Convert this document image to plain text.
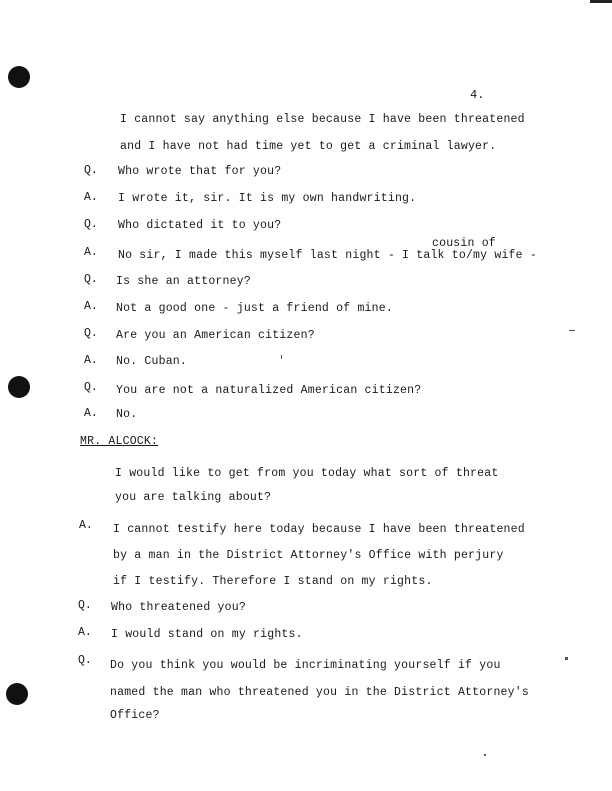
4.
I cannot say anything else because I have been threatened
and I have not had time yet to get a criminal lawyer.
Q. Who wrote that for you?
A. I wrote it, sir. It is my own handwriting.
Q. Who dictated it to you?
cousin of
A. No sir, I made this myself last night - I talk to/my wife -
Q. Is she an attorney?
A. Not a good one - just a friend of mine.
Q. Are you an American citizen?
A. No. Cuban.
Q. You are not a naturalized American citizen?
A. No.
MR. ALCOCK:
I would like to get from you today what sort of threat
you are talking about?
A. I cannot testify here today because I have been threatened
by a man in the District Attorney's Office with perjury
if I testify. Therefore I stand on my rights.
Q. Who threatened you?
A. I would stand on my rights.
Q. Do you think you would be incriminating yourself if you
named the man who threatened you in the District Attorney's
Office?
